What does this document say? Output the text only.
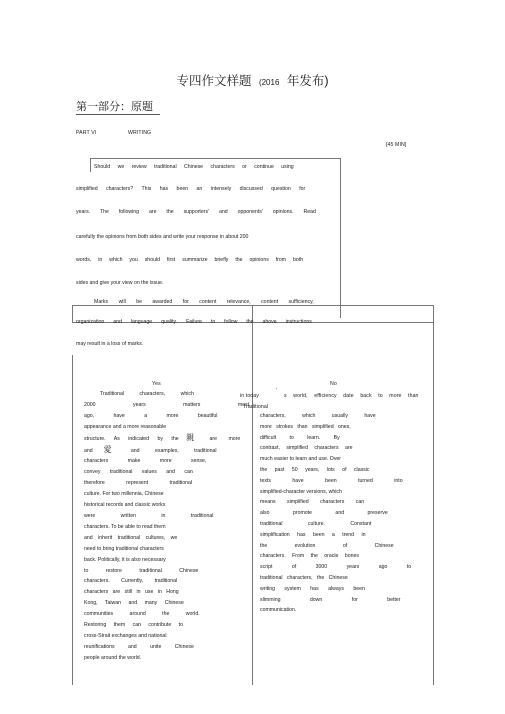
专四作文样题 (2016 年发布)
第一部分：原题
PART VI	WRITING
[45 MIN]
Should we review traditional Chinese characters or continue using
simplified characters? This has been an intensely discussed question for
years. The following are the supporters' and opponents' opinions. Read
carefully the opinions from both sides and write your response in about 200
words, in which you should first summarize briefly the opinions from both
sides and give your view on the issue.
Marks will be awarded for content relevance, content sufficiency,
organization and language quality. Failure to follow the above instructions
may result in a loss of marks.
Yes	No
in today
'
Traditional
Traditional characters, which
2000 years matters most.
ago, have a more beautiful
appearance and a more reasonable
structure. As indicated by the 親	are more
and 愛	and examples, traditional
characters make more sense,
convey traditional values and can
therefore represent traditional
culture. For two millennia, Chinese
historical records and classic works
were written in traditional
characters. To be able to read them
and inherit traditional cultures, we
need to bring traditional characters
back. Politically, it is also necessary
to restore traditional Chinese
characters. Currently, traditional
characters are still in use in Hong
Kong, Taiwan and many Chinese
communities around the world.
Restoring them can contribute to
cross-Strait exchanges and national
reunifications and unite Chinese
people around the world.
s world, efficiency date back to more than
characters, which usually have
more strokes than simplified ones,
difficult to learn. By
contrast, simplified characters are
much easier to learn and use. Over
the past 50 years, lots of classic
texts have been turned into
simplified-character versions, which
means simplified characters can
also promote and preserve
traditional culture. Constant
simplification has been a trend in
the evolution of Chinese
characters. From the oracle bones
script of 3000 years ago to
traditional characters, the Chinese
writing system has always been
slimming down for better
communication.
